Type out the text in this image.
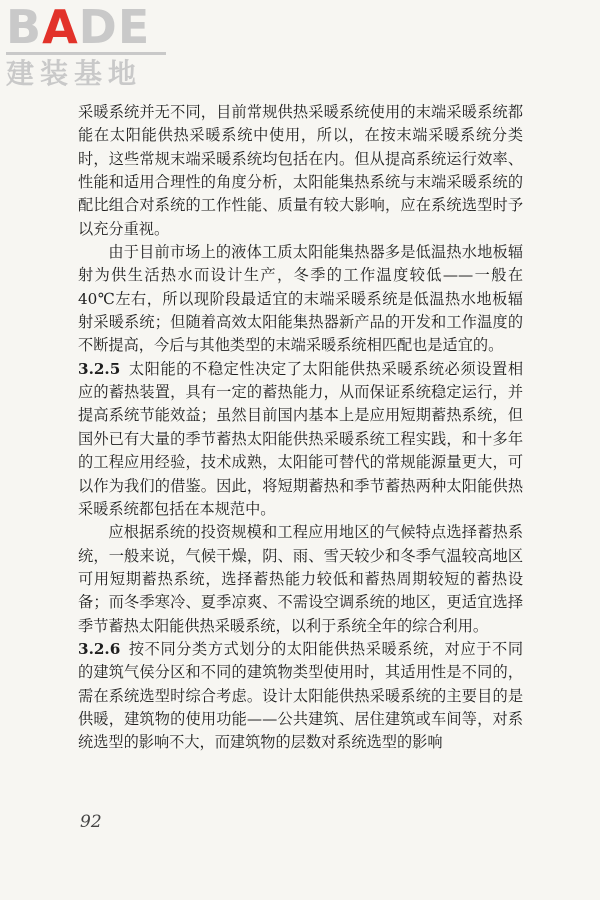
BADE
建装基地

采暖系统并无不同，目前常规供热采暖系统使用的末端采暖系统都能在太阳能供热采暖系统中使用，所以，在按末端采暖系统分类时，这些常规末端采暖系统均包括在内。但从提高系统运行效率、性能和适用合理性的角度分析，太阳能集热系统与末端采暖系统的配比组合对系统的工作性能、质量有较大影响，应在系统选型时予以充分重视。

由于目前市场上的液体工质太阳能集热器多是低温热水地板辐射为供生活热水而设计生产，冬季的工作温度较低——一般在40℃左右，所以现阶段最适宜的末端采暖系统是低温热水地板辐射采暖系统；但随着高效太阳能集热器新产品的开发和工作温度的不断提高，今后与其他类型的末端采暖系统相匹配也是适宜的。

3.2.5 太阳能的不稳定性决定了太阳能供热采暖系统必须设置相应的蓄热装置，具有一定的蓄热能力，从而保证系统稳定运行，并提高系统节能效益；虽然目前国内基本上是应用短期蓄热系统，但国外已有大量的季节蓄热太阳能供热采暖系统工程实践，和十多年的工程应用经验，技术成熟，太阳能可替代的常规能源量更大，可以作为我们的借鉴。因此，将短期蓄热和季节蓄热两种太阳能供热采暖系统都包括在本规范中。

应根据系统的投资规模和工程应用地区的气候特点选择蓄热系统，一般来说，气候干燥，阴、雨、雪天较少和冬季气温较高地区可用短期蓄热系统，选择蓄热能力较低和蓄热周期较短的蓄热设备；而冬季寒冷、夏季凉爽、不需设空调系统的地区，更适宜选择季节蓄热太阳能供热采暖系统，以利于系统全年的综合利用。

3.2.6 按不同分类方式划分的太阳能供热采暖系统，对应于不同的建筑气侯分区和不同的建筑物类型使用时，其适用性是不同的，需在系统选型时综合考虑。设计太阳能供热采暖系统的主要目的是供暖，建筑物的使用功能——公共建筑、居住建筑或车间等，对系统选型的影响不大，而建筑物的层数对系统选型的影响

92
